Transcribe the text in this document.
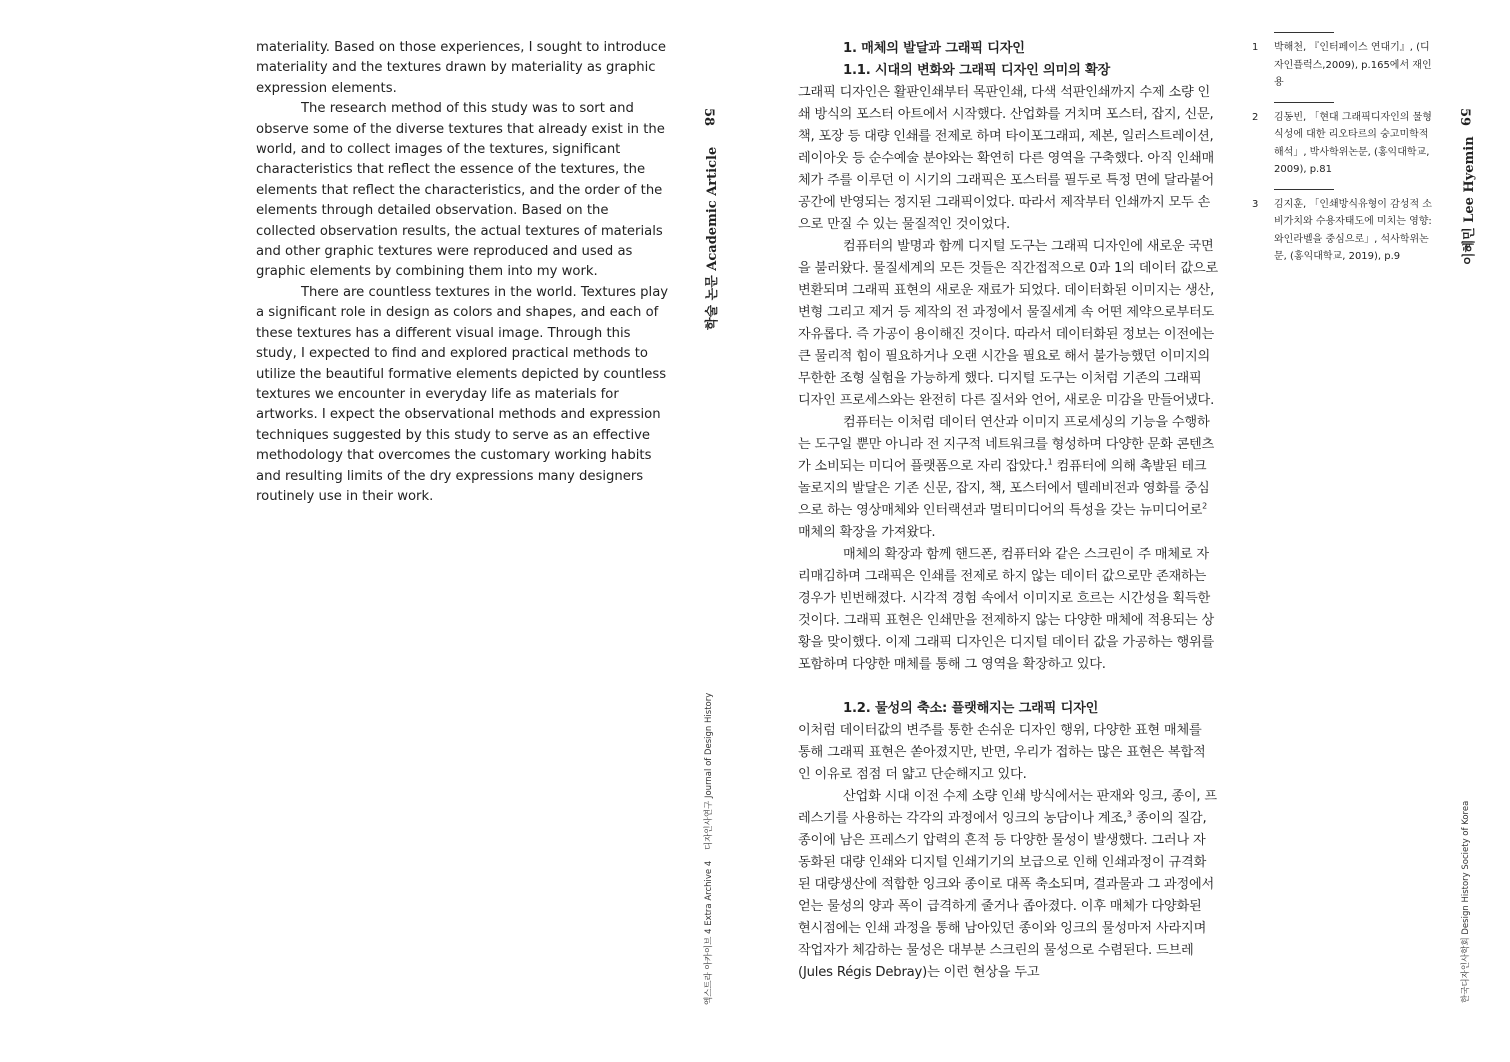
materiality. Based on those experiences, I sought to introduce materiality and the textures drawn by materiality as graphic expression elements.

The research method of this study was to sort and observe some of the diverse textures that already exist in the world, and to collect images of the textures, significant characteristics that reflect the essence of the textures, the elements that reflect the characteristics, and the order of the elements through detailed observation. Based on the collected observation results, the actual textures of materials and other graphic textures were reproduced and used as graphic elements by combining them into my work.

There are countless textures in the world. Textures play a significant role in design as colors and shapes, and each of these textures has a different visual image. Through this study, I expected to find and explored practical methods to utilize the beautiful formative elements depicted by countless textures we encounter in everyday life as materials for artworks. I expect the observational methods and expression techniques suggested by this study to serve as an effective methodology that overcomes the customary working habits and resulting limits of the dry expressions many designers routinely use in their work.

58
학술 논문 Academic Article
디자인사연구 Journal of Design History
엑스트라 아카이브 4 Extra Archive 4
1. 매체의 발달과 그래픽 디자인
1.1. 시대의 변화와 그래픽 디자인 의미의 확장

그래픽 디자인은 활판인쇄부터 목판인쇄, 다색 석판인쇄까지 수제 소량 인쇄 방식의 포스터 아트에서 시작했다. 산업화를 거치며 포스터, 잡지, 신문, 책, 포장 등 대량 인쇄를 전제로 하며 타이포그래피, 제본, 일러스트레이션, 레이아웃 등 순수예술 분야와는 확연히 다른 영역을 구축했다. 아직 인쇄매체가 주를 이루던 이 시기의 그래픽은 포스터를 필두로 특정 면에 달라붙어 공간에 반영되는 정지된 그래픽이었다. 따라서 제작부터 인쇄까지 모두 손으로 만질 수 있는 물질적인 것이었다.

컴퓨터의 발명과 함께 디지털 도구는 그래픽 디자인에 새로운 국면을 불러왔다. 물질세계의 모든 것들은 직간접적으로 0과 1의 데이터 값으로 변환되며 그래픽 표현의 새로운 재료가 되었다. 데이터화된 이미지는 생산, 변형 그리고 제거 등 제작의 전 과정에서 물질세계 속 어떤 제약으로부터도 자유롭다. 즉 가공이 용이해진 것이다. 따라서 데이터화된 정보는 이전에는 큰 물리적 힘이 필요하거나 오랜 시간을 필요로 해서 불가능했던 이미지의 무한한 조형 실험을 가능하게 했다. 디지털 도구는 이처럼 기존의 그래픽 디자인 프로세스와는 완전히 다른 질서와 언어, 새로운 미감을 만들어냈다.

컴퓨터는 이처럼 데이터 연산과 이미지 프로세싱의 기능을 수행하는 도구일 뿐만 아니라 전 지구적 네트워크를 형성하며 다양한 문화 콘텐츠가 소비되는 미디어 플랫폼으로 자리 잡았다.$^1$ 컴퓨터에 의해 촉발된 테크놀로지의 발달은 기존 신문, 잡지, 책, 포스터에서 텔레비전과 영화를 중심으로 하는 영상매체와 인터랙션과 멀티미디어의 특성을 갖는 뉴미디어로$^2$ 매체의 확장을 가져왔다.

매체의 확장과 함께 핸드폰, 컴퓨터와 같은 스크린이 주 매체로 자리매김하며 그래픽은 인쇄를 전제로 하지 않는 데이터 값으로만 존재하는 경우가 빈번해졌다. 시각적 경험 속에서 이미지로 흐르는 시간성을 획득한 것이다. 그래픽 표현은 인쇄만을 전제하지 않는 다양한 매체에 적용되는 상황을 맞이했다. 이제 그래픽 디자인은 디지털 데이터 값을 가공하는 행위를 포함하며 다양한 매체를 통해 그 영역을 확장하고 있다.

1.2. 물성의 축소: 플랫해지는 그래픽 디자인

이처럼 데이터값의 변주를 통한 손쉬운 디자인 행위, 다양한 표현 매체를 통해 그래픽 표현은 쏟아졌지만, 반면, 우리가 접하는 많은 표현은 복합적인 이유로 점점 더 얇고 단순해지고 있다.

산업화 시대 이전 수제 소량 인쇄 방식에서는 판재와 잉크, 종이, 프레스기를 사용하는 각각의 과정에서 잉크의 농담이나 계조,$^3$ 종이의 질감, 종이에 남은 프레스기 압력의 흔적 등 다양한 물성이 발생했다. 그러나 자동화된 대량 인쇄와 디지털 인쇄기기의 보급으로 인해 인쇄과정이 규격화된 대량생산에 적합한 잉크와 종이로 대폭 축소되며, 결과물과 그 과정에서 얻는 물성의 양과 폭이 급격하게 줄거나 좁아졌다. 이후 매체가 다양화된 현시점에는 인쇄 과정을 통해 남아있던 종이와 잉크의 물성마저 사라지며 작업자가 체감하는 물성은 대부분 스크린의 물성으로 수렴된다. 드브레(Jules Régis Debray)는 이런 현상을 두고

1 박해천, 『인터페이스 연대기』, (디자인플럭스,2009), p.165에서 재인용
2 김동빈, 「현대 그래픽디자인의 물형식성에 대한 리오타르의 숭고미학적 해석」, 박사학위논문, (홍익대학교, 2009), p.81
3 김지훈, 「인쇄방식유형이 감성적 소비가치와 수용자태도에 미치는 영향: 와인라벨을 중심으로」, 석사학위논문, (홍익대학교, 2019), p.9
59
이혜민 Lee Hyemin
한국디자인사학회 Design History Society of Korea
